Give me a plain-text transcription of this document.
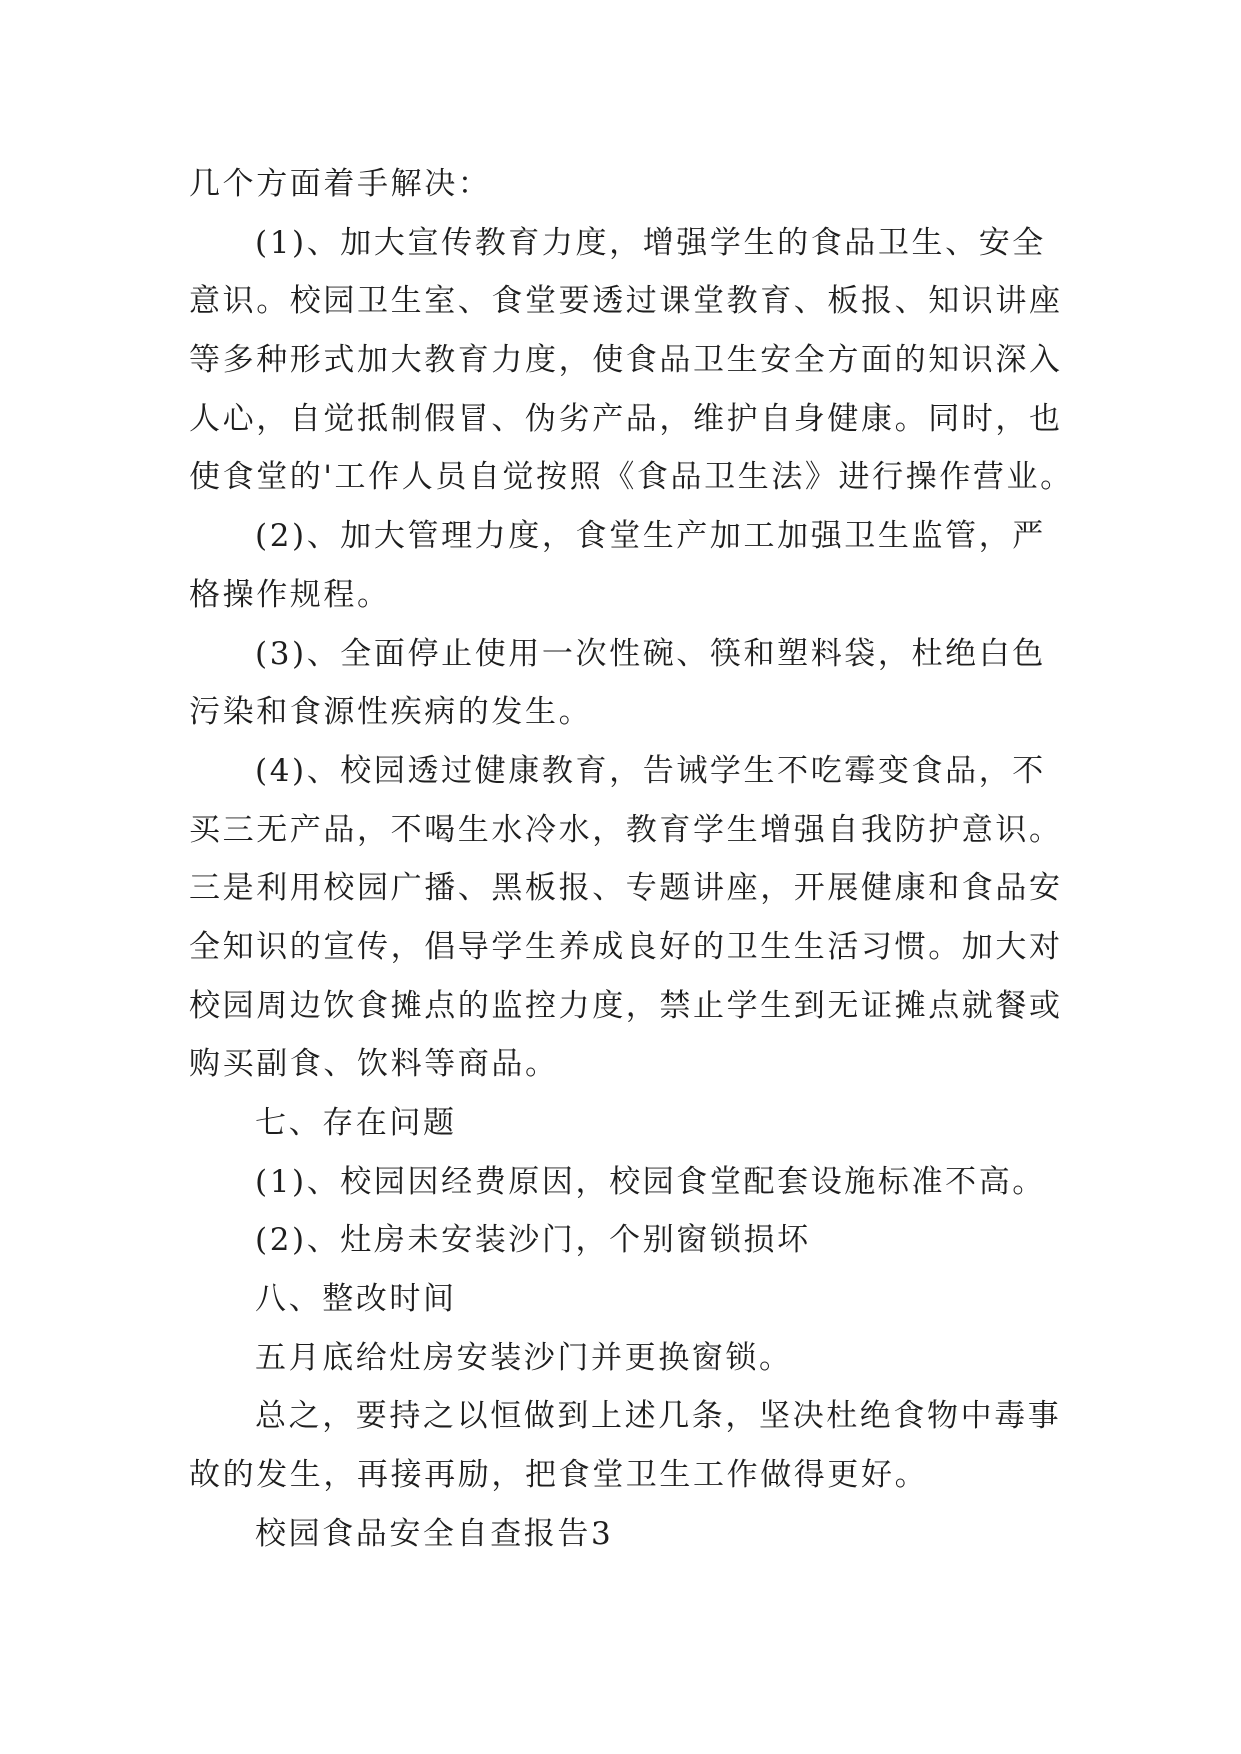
几个方面着手解决：
(1)、加大宣传教育力度，增强学生的食品卫生、安全
意识。校园卫生室、食堂要透过课堂教育、板报、知识讲座
等多种形式加大教育力度，使食品卫生安全方面的知识深入
人心，自觉抵制假冒、伪劣产品，维护自身健康。同时，也
使食堂的'工作人员自觉按照《食品卫生法》进行操作营业。
(2)、加大管理力度，食堂生产加工加强卫生监管，严
格操作规程。
(3)、全面停止使用一次性碗、筷和塑料袋，杜绝白色
污染和食源性疾病的发生。
(4)、校园透过健康教育，告诫学生不吃霉变食品，不
买三无产品，不喝生水冷水，教育学生增强自我防护意识。
三是利用校园广播、黑板报、专题讲座，开展健康和食品安
全知识的宣传，倡导学生养成良好的卫生生活习惯。加大对
校园周边饮食摊点的监控力度，禁止学生到无证摊点就餐或
购买副食、饮料等商品。
七、存在问题
(1)、校园因经费原因，校园食堂配套设施标准不高。
(2)、灶房未安装沙门，个别窗锁损坏
八、整改时间
五月底给灶房安装沙门并更换窗锁。
总之，要持之以恒做到上述几条，坚决杜绝食物中毒事
故的发生，再接再励，把食堂卫生工作做得更好。
校园食品安全自查报告3
